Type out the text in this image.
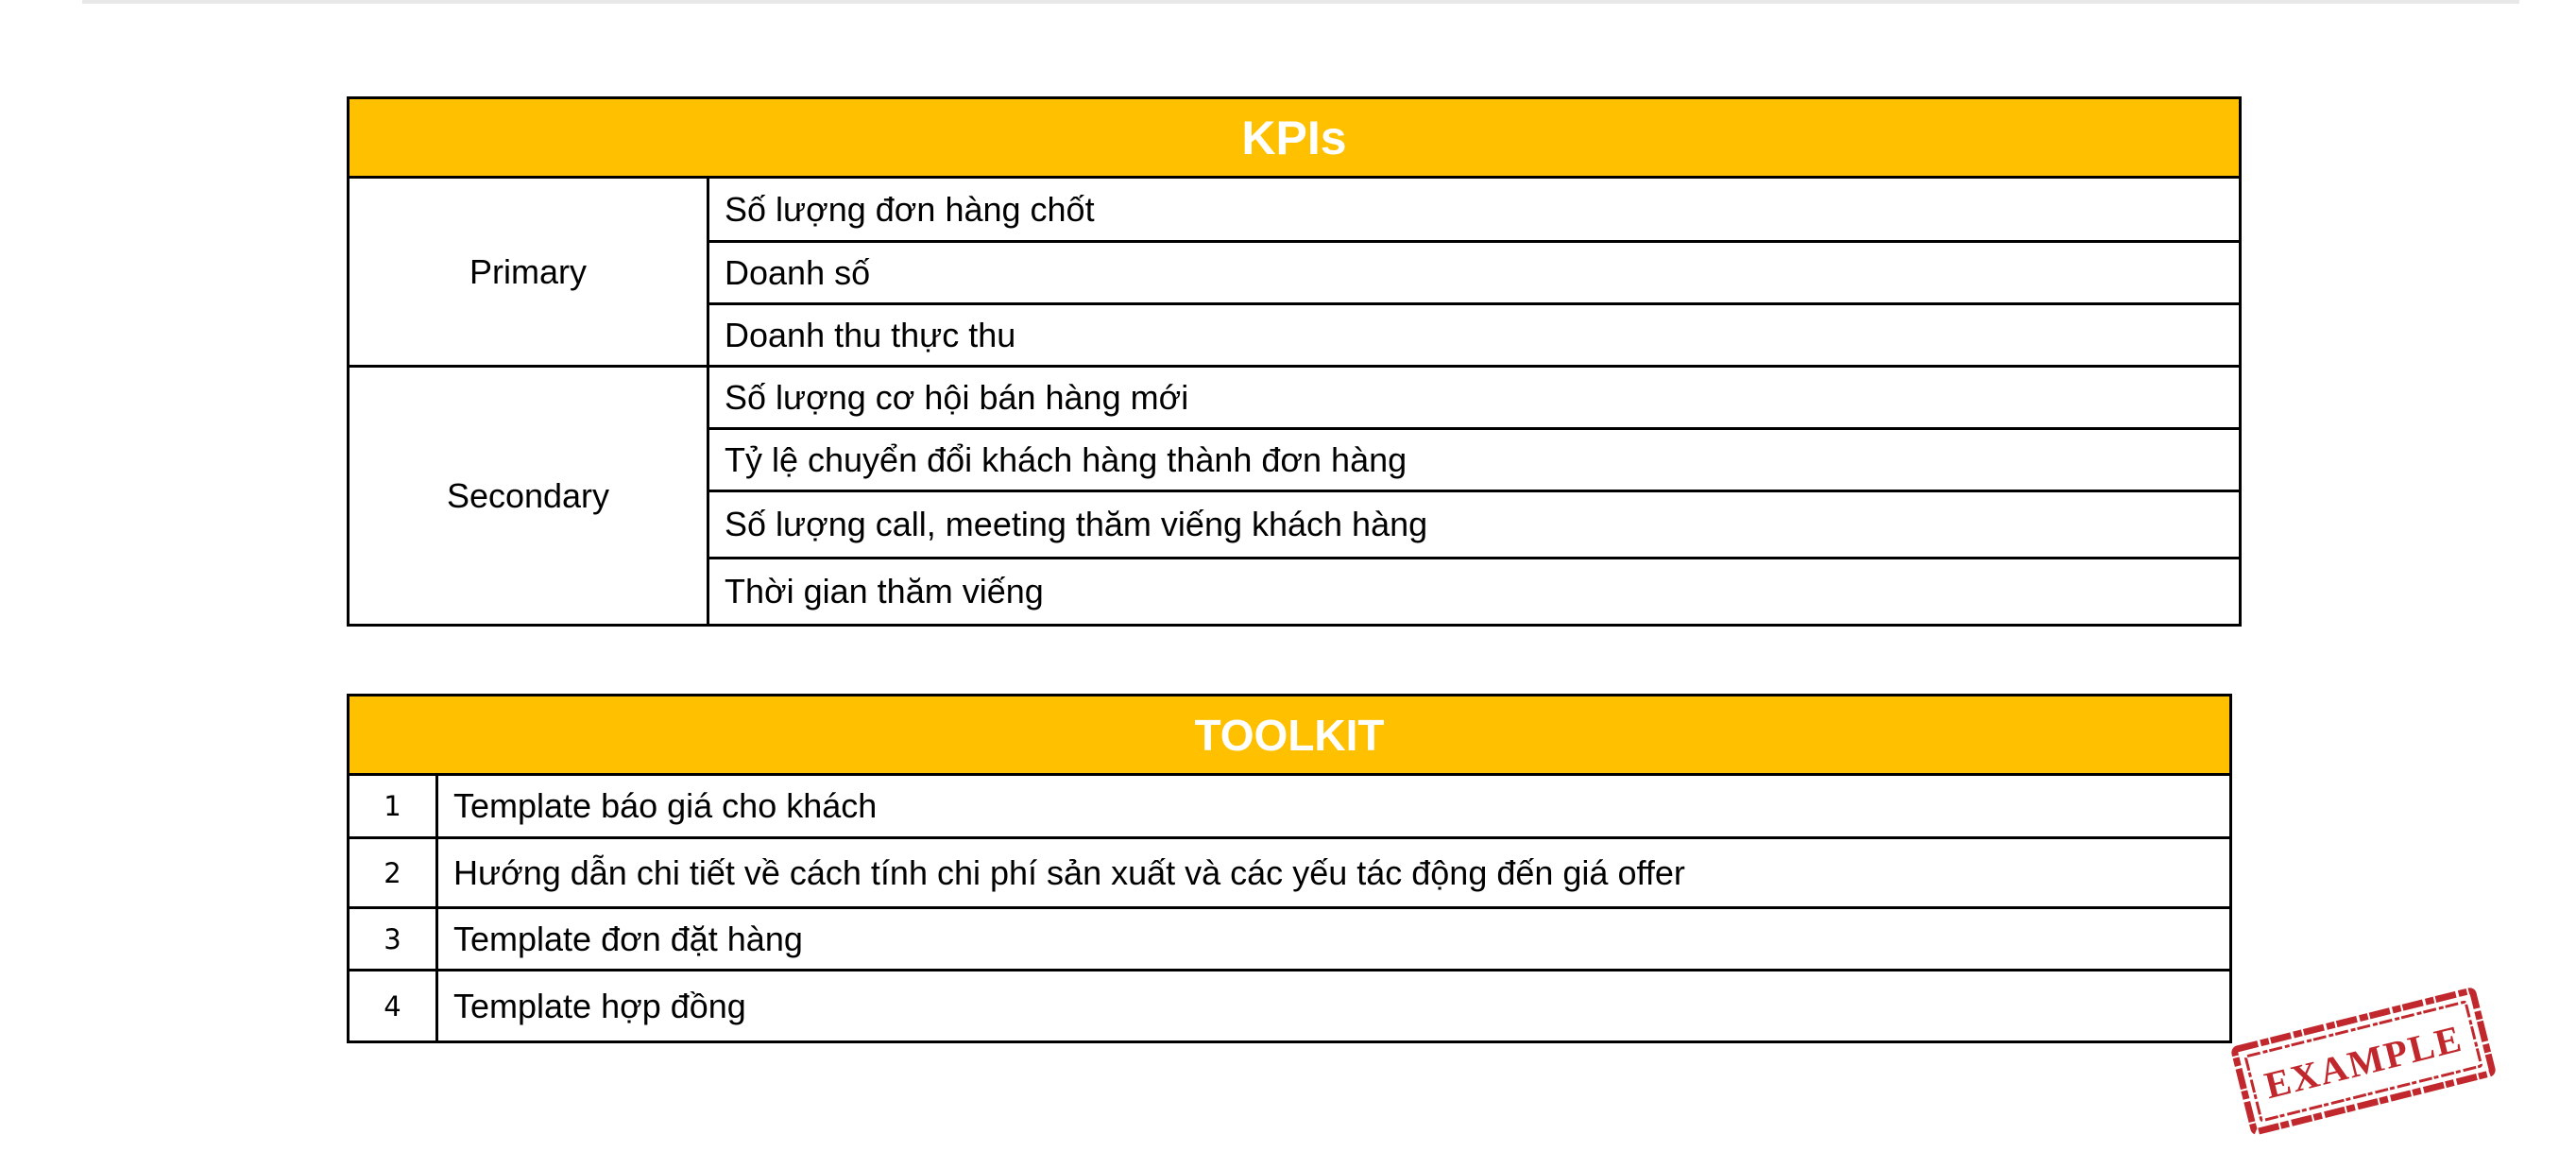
KPIs	
Primary	Số lượng đơn hàng chốt
	Doanh số
	Doanh thu thực thu
Secondary	Số lượng cơ hội bán hàng mới
	Tỷ lệ chuyển đổi khách hàng thành đơn hàng
	Số lượng call, meeting thăm viếng khách hàng
	Thời gian thăm viếng
TOOLKIT	
1	Template báo giá cho khách
2	Hướng dẫn chi tiết về cách tính chi phí sản xuất và các yếu tác động đến giá offer
3	Template đơn đặt hàng
4	Template hợp đồng
EXAMPLE
